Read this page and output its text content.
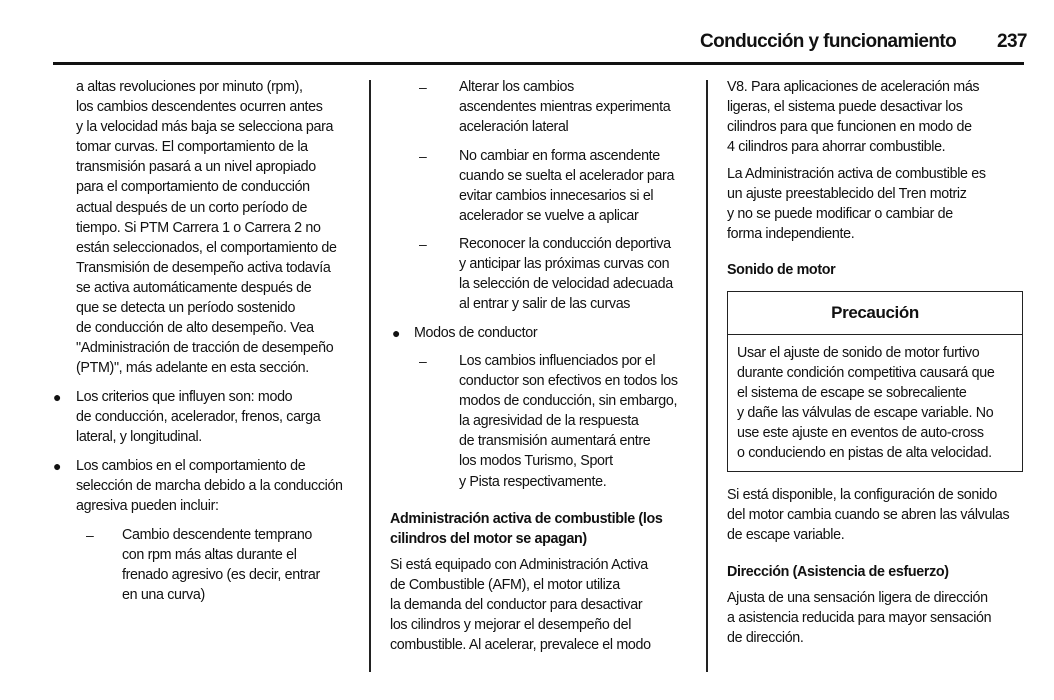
Conducción y funcionamiento 237
a altas revoluciones por minuto (rpm),
los cambios descendentes ocurren antes
y la velocidad más baja se selecciona para
tomar curvas. El comportamiento de la
transmisión pasará a un nivel apropiado
para el comportamiento de conducción
actual después de un corto período de
tiempo. Si PTM Carrera 1 o Carrera 2 no
están seleccionados, el comportamiento de
Transmisión de desempeño activa todavía
se activa automáticamente después de
que se detecta un período sostenido
de conducción de alto desempeño. Vea
"Administración de tracción de desempeño
(PTM)", más adelante en esta sección.
● Los criterios que influyen son: modo
de conducción, acelerador, frenos, carga
lateral, y longitudinal.
● Los cambios en el comportamiento de
selección de marcha debido a la conducción
agresiva pueden incluir:
– Cambio descendente temprano
con rpm más altas durante el
frenado agresivo (es decir, entrar
en una curva)
– Alterar los cambios
ascendentes mientras experimenta
aceleración lateral
– No cambiar en forma ascendente
cuando se suelta el acelerador para
evitar cambios innecesarios si el
acelerador se vuelve a aplicar
– Reconocer la conducción deportiva
y anticipar las próximas curvas con
la selección de velocidad adecuada
al entrar y salir de las curvas
● Modos de conductor
– Los cambios influenciados por el
conductor son efectivos en todos los
modos de conducción, sin embargo,
la agresividad de la respuesta
de transmisión aumentará entre
los modos Turismo, Sport
y Pista respectivamente.
Administración activa de combustible (los
cilindros del motor se apagan)
Si está equipado con Administración Activa
de Combustible (AFM), el motor utiliza
la demanda del conductor para desactivar
los cilindros y mejorar el desempeño del
combustible. Al acelerar, prevalece el modo
V8. Para aplicaciones de aceleración más
ligeras, el sistema puede desactivar los
cilindros para que funcionen en modo de
4 cilindros para ahorrar combustible.
La Administración activa de combustible es
un ajuste preestablecido del Tren motriz
y no se puede modificar o cambiar de
forma independiente.
Sonido de motor
Precaución
Usar el ajuste de sonido de motor furtivo
durante condición competitiva causará que
el sistema de escape se sobrecaliente
y dañe las válvulas de escape variable. No
use este ajuste en eventos de auto-cross
o conduciendo en pistas de alta velocidad.
Si está disponible, la configuración de sonido
del motor cambia cuando se abren las válvulas
de escape variable.
Dirección (Asistencia de esfuerzo)
Ajusta de una sensación ligera de dirección
a asistencia reducida para mayor sensación
de dirección.
